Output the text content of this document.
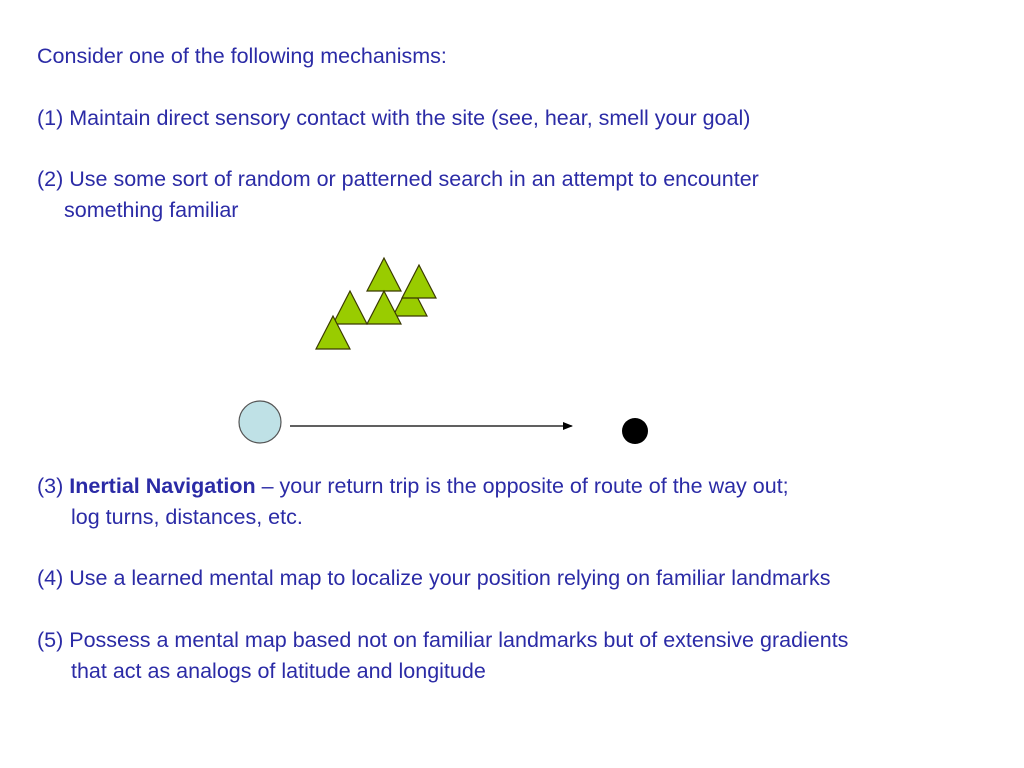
Consider one of the following mechanisms:
(1) Maintain direct sensory contact with the site (see, hear, smell your goal)
(2) Use some sort of random or patterned search in an attempt to encounter
something familiar
(3) Inertial Navigation – your return trip is the opposite of route of the way out;
log turns, distances, etc.
(4) Use a learned mental map to localize your position relying on familiar landmarks
(5) Possess a mental map based not on familiar landmarks but of extensive gradients
that act as analogs of latitude and longitude
